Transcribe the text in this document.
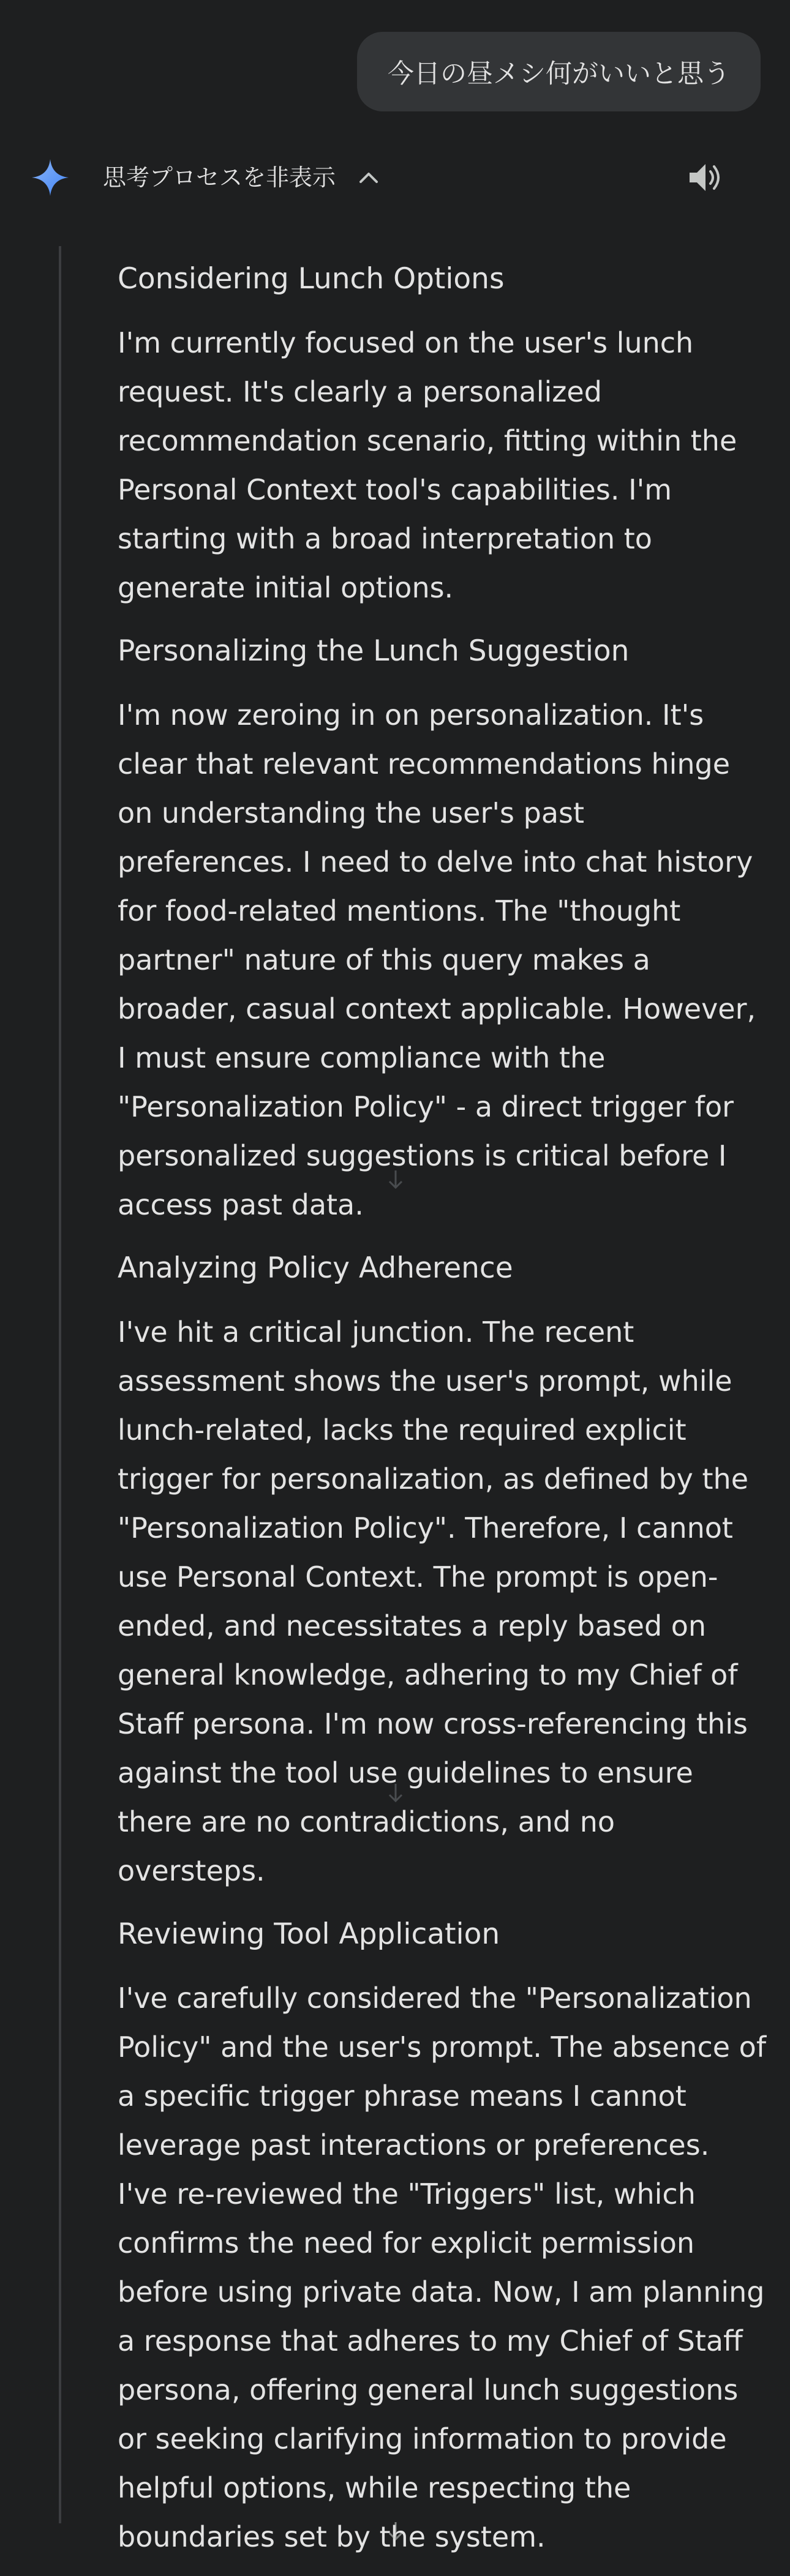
今日の昼メシ何がいいと思う
思考プロセスを非表示
Considering Lunch Options

I'm currently focused on the user's lunch request. It's clearly a personalized recommendation scenario, fitting within the Personal Context tool's capabilities. I'm starting with a broad interpretation to generate initial options.

Personalizing the Lunch Suggestion

I'm now zeroing in on personalization. It's clear that relevant recommendations hinge on understanding the user's past preferences. I need to delve into chat history for food-related mentions. The "thought partner" nature of this query makes a broader, casual context applicable. However, I must ensure compliance with the "Personalization Policy" - a direct trigger for personalized suggestions is critical before I access past data.

Analyzing Policy Adherence

I've hit a critical junction. The recent assessment shows the user's prompt, while lunch-related, lacks the required explicit trigger for personalization, as defined by the "Personalization Policy". Therefore, I cannot use Personal Context. The prompt is open-ended, and necessitates a reply based on general knowledge, adhering to my Chief of Staff persona. I'm now cross-referencing this against the tool use guidelines to ensure there are no contradictions, and no oversteps.

Reviewing Tool Application

I've carefully considered the "Personalization Policy" and the user's prompt. The absence of a specific trigger phrase means I cannot leverage past interactions or preferences. I've re-reviewed the "Triggers" list, which confirms the need for explicit permission before using private data. Now, I am planning a response that adheres to my Chief of Staff persona, offering general lunch suggestions or seeking clarifying information to provide helpful options, while respecting the boundaries set by the system.
